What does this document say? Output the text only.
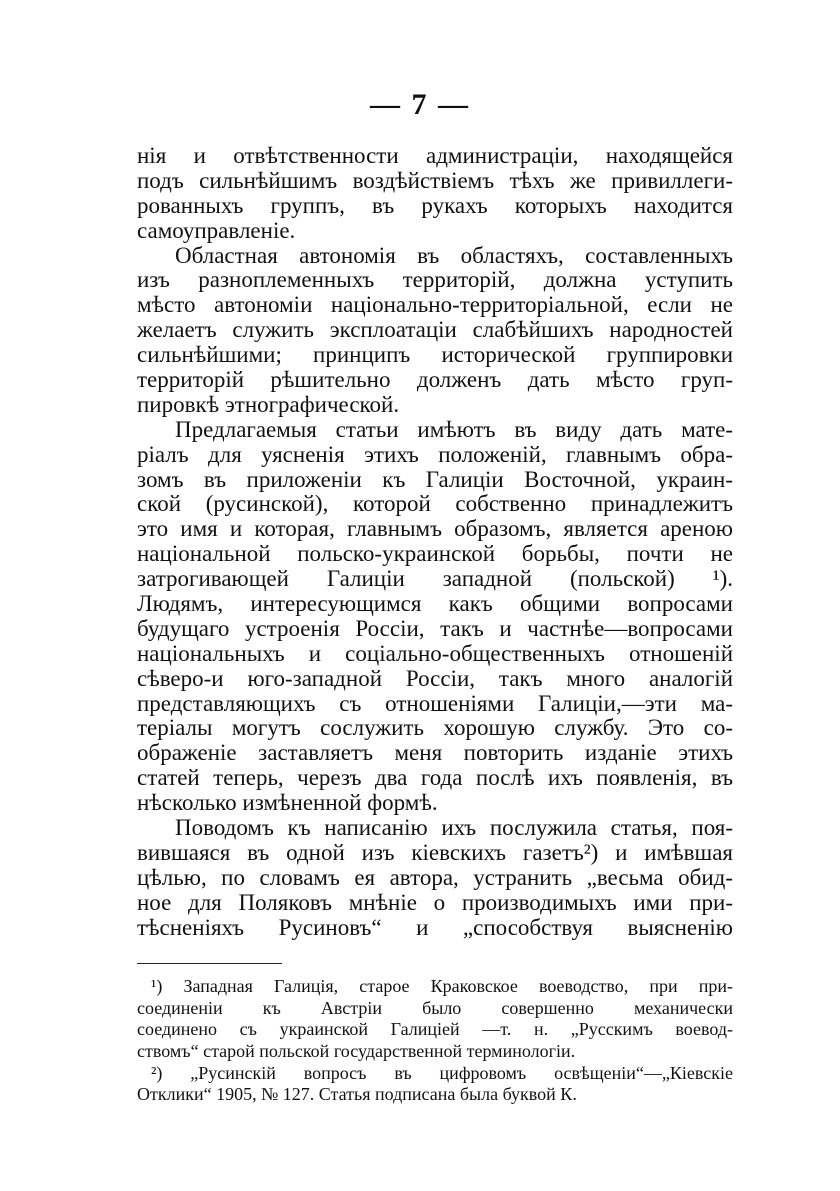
— 7 —
нія и отвѣтственности администраціи, находящейся
подъ сильнѣйшимъ воздѣйствіемъ тѣхъ же привиллеги-
рованныхъ группъ, въ рукахъ которыхъ находится
самоуправленіе.
Областная автономія въ областяхъ, составленныхъ
изъ разноплеменныхъ территорій, должна уступить
мѣсто автономіи національно-территоріальной, если не
желаетъ служить эксплоатаціи слабѣйшихъ народностей
сильнѣйшими; принципъ исторической группировки
территорій рѣшительно долженъ дать мѣсто груп-
пировкѣ этнографической.
Предлагаемыя статьи имѣютъ въ виду дать мате-
ріалъ для уясненія этихъ положеній, главнымъ обра-
зомъ въ приложеніи къ Галиціи Восточной, украин-
ской (русинской), которой собственно принадлежитъ
это имя и которая, главнымъ образомъ, является ареною
національной польско-украинской борьбы, почти не
затрогивающей Галиціи западной (польской) ¹).
Людямъ, интересующимся какъ общими вопросами
будущаго устроенія Россіи, такъ и частнѣе—вопросами
національныхъ и соціально-общественныхъ отношеній
сѣверо-и юго-западной Россіи, такъ много аналогій
представляющихъ съ отношеніями Галиціи,—эти ма-
теріалы могутъ сослужить хорошую службу. Это со-
ображеніе заставляетъ меня повторить изданіе этихъ
статей теперь, черезъ два года послѣ ихъ появленія, въ
нѣсколько измѣненной формѣ.
Поводомъ къ написанію ихъ послужила статья, поя-
вившаяся въ одной изъ кіевскихъ газетъ²) и имѣвшая
цѣлью, по словамъ ея автора, устранить „весьма обид-
ное для Поляковъ мнѣніе о производимыхъ ими при-
тѣсненіяхъ Русиновъ“ и „способствуя выясненію
¹) Западная Галиція, старое Краковское воеводство, при при-
соединеніи къ Австріи было совершенно механически
соединено съ украинской Галиціей —т. н. „Русскимъ воевод-
ствомъ“ старой польской государственной терминологіи.
²) „Русинскій вопросъ въ цифровомъ освѣщеніи“—„Кіевскіе
Отклики“ 1905, № 127. Статья подписана была буквой К.
